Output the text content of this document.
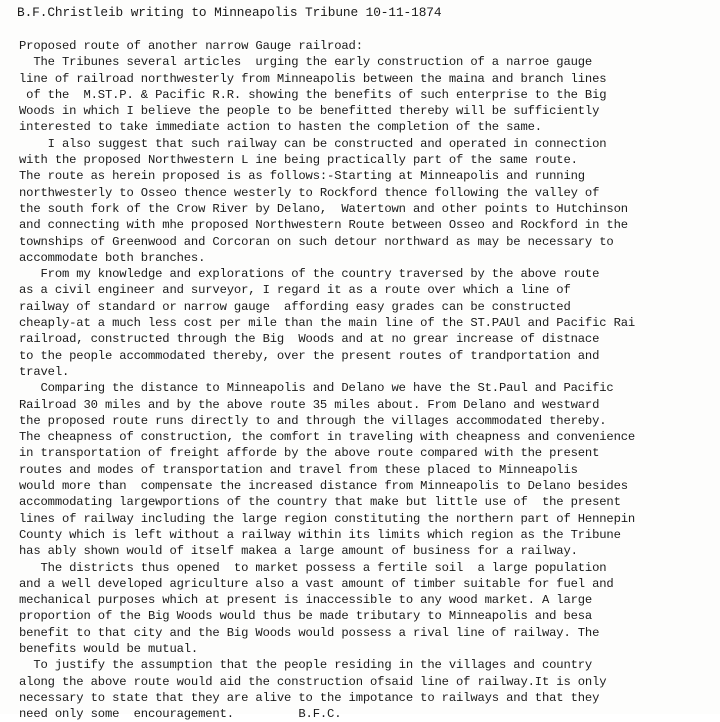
B.F.Christleib writing to Minneapolis Tribune 10-11-1874
Proposed route of another narrow Gauge railroad:
The Tribunes several articles  urging the early construction of a narroe gauge
line of railroad northwesterly from Minneapolis between the maina and branch lines
of the  M.ST.P. & Pacific R.R. showing the benefits of such enterprise to the Big
Woods in which I believe the people to be benefitted thereby will be sufficiently
interested to take immediate action to hasten the completion of the same.
I also suggest that such railway can be constructed and operated in connection
with the proposed Northwestern L ine being practically part of the same route.
The route as herein proposed is as follows:-Starting at Minneapolis and running
northwesterly to Osseo thence westerly to Rockford thence following the valley of
the south fork of the Crow River by Delano,  Watertown and other points to Hutchinson
and connecting with mhe proposed Northwestern Route between Osseo and Rockford in the
townships of Greenwood and Corcoran on such detour northward as may be necessary to
accommodate both branches.
From my knowledge and explorations of the country traversed by the above route
as a civil engineer and surveyor, I regard it as a route over which a line of
railway of standard or narrow gauge  affording easy grades can be constructed
cheaply-at a much less cost per mile than the main line of the ST.PAUl and Pacific Rai
railroad, constructed through the Big  Woods and at no grear increase of distnace
to the people accommodated thereby, over the present routes of trandportation and
travel.
Comparing the distance to Minneapolis and Delano we have the St.Paul and Pacific
Railroad 30 miles and by the above route 35 miles about. From Delano and westward
the proposed route runs directly to and through the villages accommodated thereby.
The cheapness of construction, the comfort in traveling with cheapness and convenience
in transportation of freight afforde by the above route compared with the present
routes and modes of transportation and travel from these placed to Minneapolis
would more than  compensate the increased distance from Minneapolis to Delano besides
accommodating largewportions of the country that make but little use of  the present
lines of railway including the large region constituting the northern part of Hennepin
County which is left without a railway within its limits which region as the Tribune
has ably shown would of itself makea a large amount of business for a railway.
The districts thus opened  to market possess a fertile soil  a large population
and a well developed agriculture also a vast amount of timber suitable for fuel and
mechanical purposes which at present is inaccessible to any wood market. A large
proportion of the Big Woods would thus be made tributary to Minneapolis and besa
benefit to that city and the Big Woods would possess a rival line of railway. The
benefits would be mutual.
To justify the assumption that the people residing in the villages and country
along the above route would aid the construction ofsaid line of railway.It is only
necessary to state that they are alive to the impotance to railways and that they
need only some  encouragement.         B.F.C.
